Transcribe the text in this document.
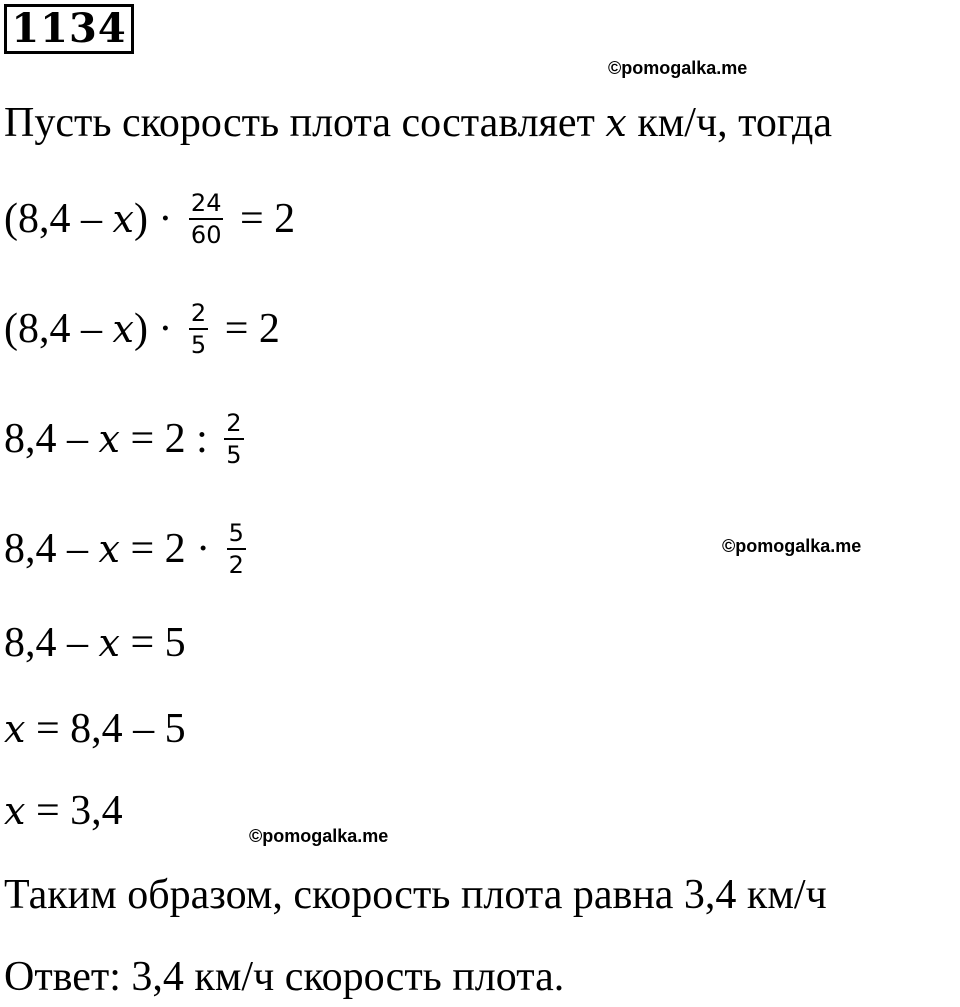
1134
©pomogalka.me
©pomogalka.me
©pomogalka.me
Пусть скорость плота составляет x км/ч, тогда
(8,4 – x ) · $\frac{24}{60} = 2$
(8,4 – x ) · $\frac{2}{5} = 2$
8,4 – x = 2 : $\frac{2}{5}$
$8,4 - x = 2 \cdot \frac{5}{2}$
8,4 – x = 5
x = 8,4 – 5
x = 3,4
Таким образом, скорость плота равна 3,4 км/ч
Ответ: 3,4 км/ч скорость плота.
